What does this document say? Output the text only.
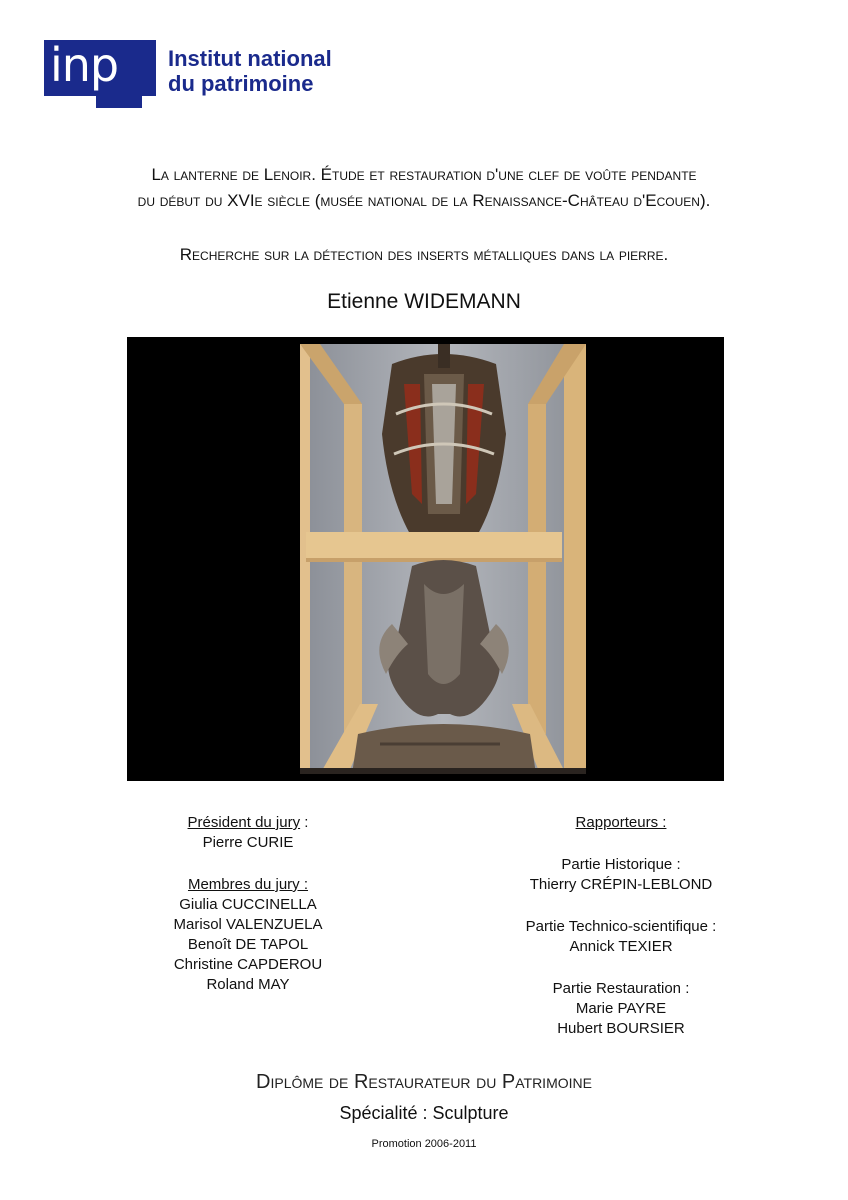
inp	Institut national
du patrimoine
La lanterne de Lenoir. Étude et restauration d'une clef de voûte pendante
du début du XVIe siècle (musée national de la Renaissance-Château d'Ecouen).
Recherche sur la détection des inserts métalliques dans la pierre.
Etienne WIDEMANN
Président du jury :
Pierre CURIE
Membres du jury :
Giulia CUCCINELLA
Marisol VALENZUELA
Benoît DE TAPOL
Christine CAPDEROU
Roland MAY
Rapporteurs :
Partie Historique :
Thierry CRÉPIN-LEBLOND
Partie Technico-scientifique :
Annick TEXIER
Partie Restauration :
Marie PAYRE
Hubert BOURSIER
Diplôme de Restaurateur du Patrimoine
Spécialité : Sculpture
Promotion 2006-2011
